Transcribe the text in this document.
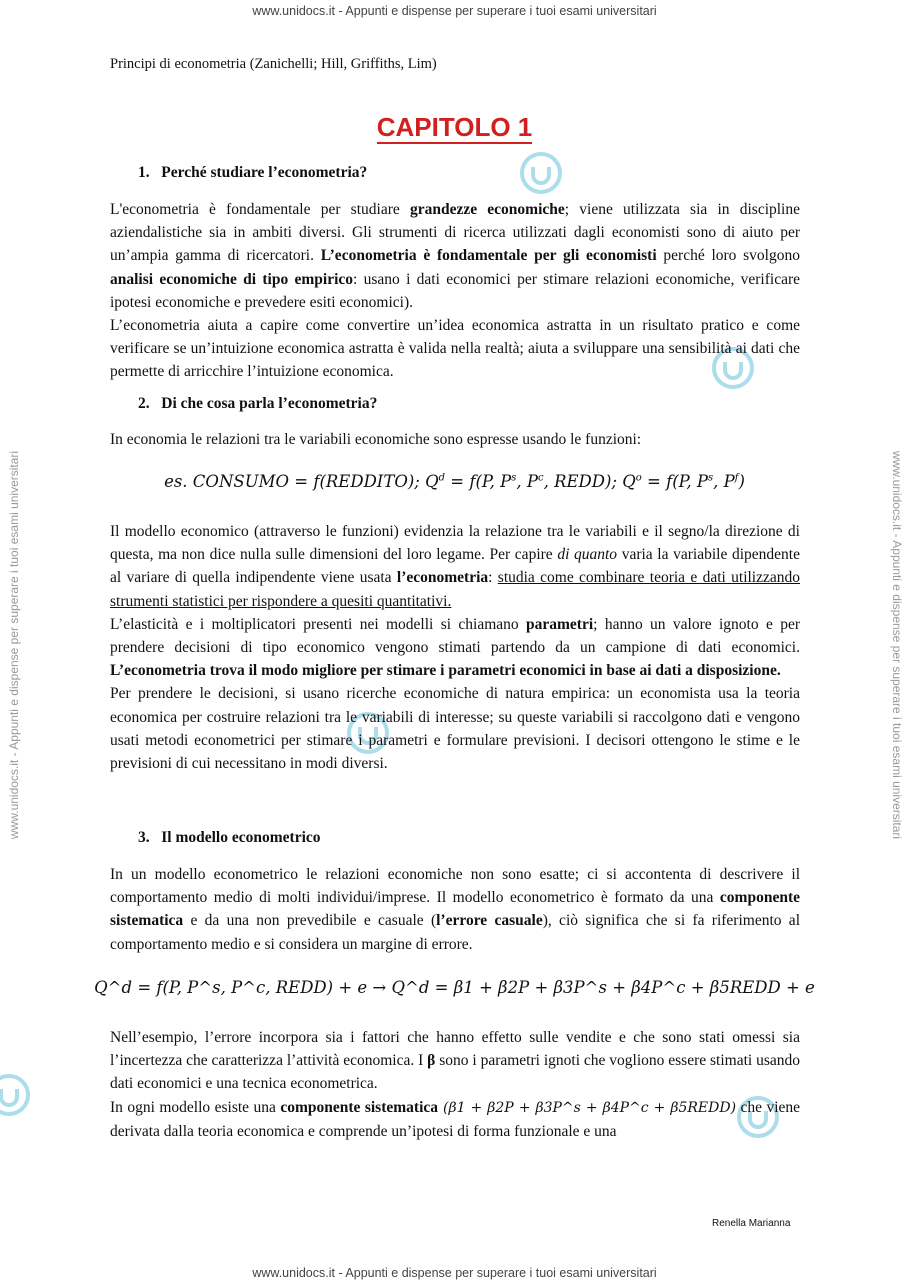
www.unidocs.it - Appunti e dispense per superare i tuoi esami universitari
www.unidocs.it - Appunti e dispense per superare i tuoi esami universitari
www.unidocs.it - Appunti e dispense per superare i tuoi esami universitari	www.unidocs.it - Appunti e dispense per superare i tuoi esami universitari
Principi di econometria (Zanichelli; Hill, Griffiths, Lim)
CAPITOLO 1
1. Perché studiare l’econometria?

L'econometria è fondamentale per studiare grandezze economiche; viene utilizzata sia in discipline aziendalistiche sia in ambiti diversi. Gli strumenti di ricerca utilizzati dagli economisti sono di aiuto per un’ampia gamma di ricercatori. L’econometria è fondamentale per gli economisti perché loro svolgono analisi economiche di tipo empirico: usano i dati economici per stimare relazioni economiche, verificare ipotesi economiche e prevedere esiti economici).

L’econometria aiuta a capire come convertire un’idea economica astratta in un risultato pratico e come verificare se un’intuizione economica astratta è valida nella realtà; aiuta a sviluppare una sensibilità ai dati che permette di arricchire l’intuizione economica.

2. Di che cosa parla l’econometria?

In economia le relazioni tra le variabili economiche sono espresse usando le funzioni:

es. CONSUMO = f(REDDITO); $Q^d = f(P$, $P^s$, $P^c$, REDD); $Q^o = f(P$, $P^s$, $P^f$)

Il modello economico (attraverso le funzioni) evidenzia la relazione tra le variabili e il segno/la direzione di questa, ma non dice nulla sulle dimensioni del loro legame. Per capire di quanto varia la variabile dipendente al variare di quella indipendente viene usata l’econometria: studia come combinare teoria e dati utilizzando strumenti statistici per rispondere a quesiti quantitativi.

L’elasticità e i moltiplicatori presenti nei modelli si chiamano parametri; hanno un valore ignoto e per prendere decisioni di tipo economico vengono stimati partendo da un campione di dati economici. L’econometria trova il modo migliore per stimare i parametri economici in base ai dati a disposizione.

Per prendere le decisioni, si usano ricerche economiche di natura empirica: un economista usa la teoria economica per costruire relazioni tra le variabili di interesse; su queste variabili si raccolgono dati e vengono usati metodi econometrici per stimare i parametri e formulare previsioni. I decisori ottengono le stime e le previsioni di cui necessitano in modi diversi.

3. Il modello econometrico

In un modello econometrico le relazioni economiche non sono esatte; ci si accontenta di descrivere il comportamento medio di molti individui/imprese. Il modello econometrico è formato da una componente sistematica e da una non prevedibile e casuale (l’errore casuale), ciò significa che si fa riferimento al comportamento medio e si considera un margine di errore.

Q^d = f(P, P^s, P^c, REDD) + e → Q^d = β1 + β2P + β3P^s + β4P^c + β5REDD + e

Nell’esempio, l’errore incorpora sia i fattori che hanno effetto sulle vendite e che sono stati omessi sia l’incertezza che caratterizza l’attività economica. I β sono i parametri ignoti che vogliono essere stimati usando dati economici e una tecnica econometrica.

In ogni modello esiste una componente sistematica (β1 + β2P + β3P^s + β4P^c + β5REDD) che viene derivata dalla teoria economica e comprende un’ipotesi di forma funzionale e una

Renella Marianna
